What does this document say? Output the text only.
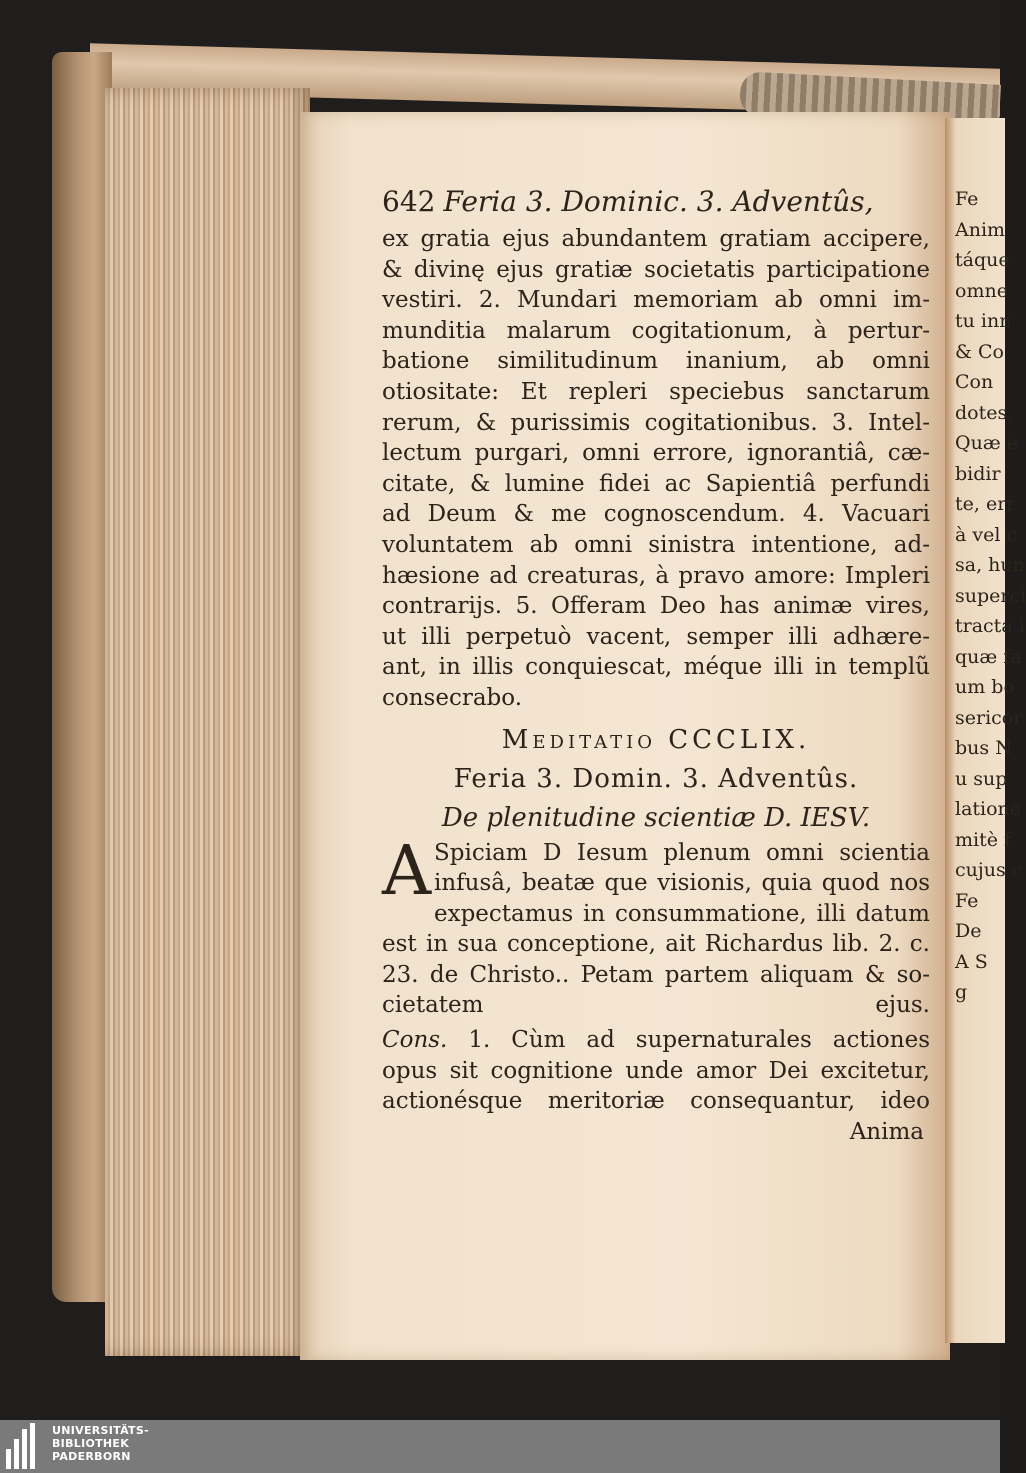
642 Feria 3. Dominic. 3. Adventûs,
ex gratia ejus abundantem gratiam accipere,
& divinę ejus gratiæ societatis participatione
vestiri. 2. Mundari memoriam ab omni im-
munditia malarum cogitationum, à pertur-
batione similitudinum inanium, ab omni
otiositate: Et repleri speciebus sanctarum
rerum, & purissimis cogitationibus. 3. Intel-
lectum purgari, omni errore, ignorantiâ, cæ-
citate, & lumine fidei ac Sapientiâ perfundi
ad Deum & me cognoscendum. 4. Vacuari
voluntatem ab omni sinistra intentione, ad-
hæsione ad creaturas, à pravo amore: Impleri
contrarijs. 5. Offeram Deo has animæ vires,
ut illi perpetuò vacent, semper illi adhære-
ant, in illis conquiescat, méque illi in templũ
consecrabo.
Meditatio CCCLIX.
Feria 3. Domin. 3. Adventûs.
De plenitudine scientiæ D. IESV.
A Spiciam D Iesum plenum omni scientia
infusâ, beatæ que visionis, quia quod nos
expectamus in consummatione, illi datum
est in sua conceptione, ait Richardus lib. 2. c.
23. de Christo.. Petam partem aliquam & so-
cietatem ejus.
Cons. 1. Cùm ad supernaturales actiones
opus sit cognitione unde amor Dei excitetur,
actionésque meritoriæ consequantur, ideo
Anima
Fe
Anim
táque
omne
tu inn
& Co
Con
dotes,
Quæ e
bidir
te, err
à vel c
sa, hun
superci
tracta l
quæ fa
um bo
sericor
bus N
u sup
latione
mitè f
cujus c
Fe
De
A S
g
UNIVERSITÄTS-
BIBLIOTHEK
PADERBORN
